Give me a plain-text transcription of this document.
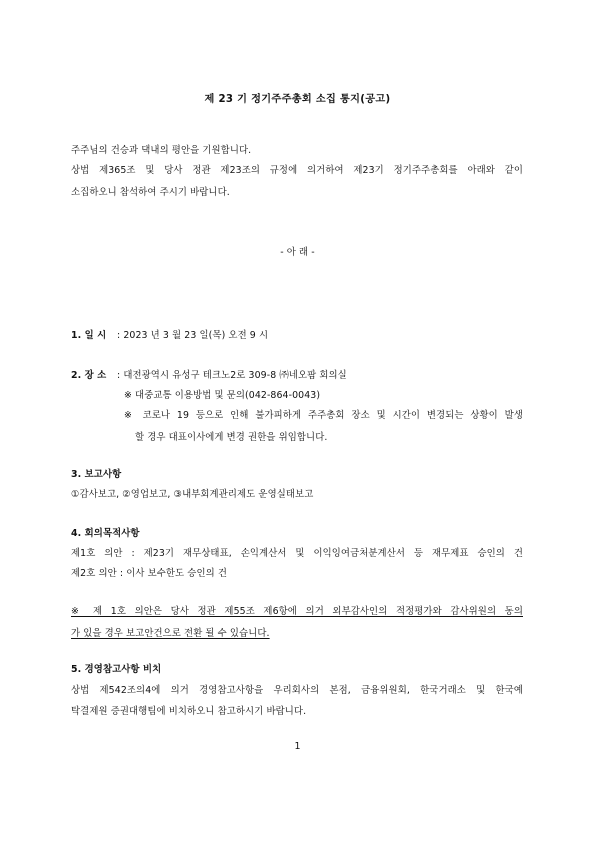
제 23 기 정기주주총회 소집 통지(공고)
주주님의 건승과 댁내의 평안을 기원합니다.
상법 제365조 및 당사 정관 제23조의 규정에 의거하여 제23기 정기주주총회를 아래와 같이
소집하오니 참석하여 주시기 바랍니다.
- 아 래 -
1. 일 시 : 2023 년 3 월 23 일(목) 오전 9 시
2. 장 소 : 대전광역시 유성구 테크노2로 309-8 ㈜네오팜 회의실
※ 대중교통 이용방법 및 문의(042-864-0043)
※ 코로나 19 등으로 인해 불가피하게 주주총회 장소 및 시간이 변경되는 상황이 발생
할 경우 대표이사에게 변경 권한을 위임합니다.
3. 보고사항
①감사보고, ②영업보고, ③내부회계관리제도 운영실태보고
4. 회의목적사항
제1호 의안 : 제23기 재무상태표, 손익계산서 및 이익잉여금처분계산서 등 재무제표 승인의 건
제2호 의안 : 이사 보수한도 승인의 건
※ 제 1호 의안은 당사 정관 제55조 제6항에 의거 외부감사인의 적정평가와 감사위원의 동의
가 있을 경우 보고안건으로 전환 될 수 있습니다.
5. 경영참고사항 비치
상법 제542조의4에 의거 경영참고사항을 우리회사의 본점, 금융위원회, 한국거래소 및 한국예
탁결제원 증권대행팀에 비치하오니 참고하시기 바랍니다.
1
